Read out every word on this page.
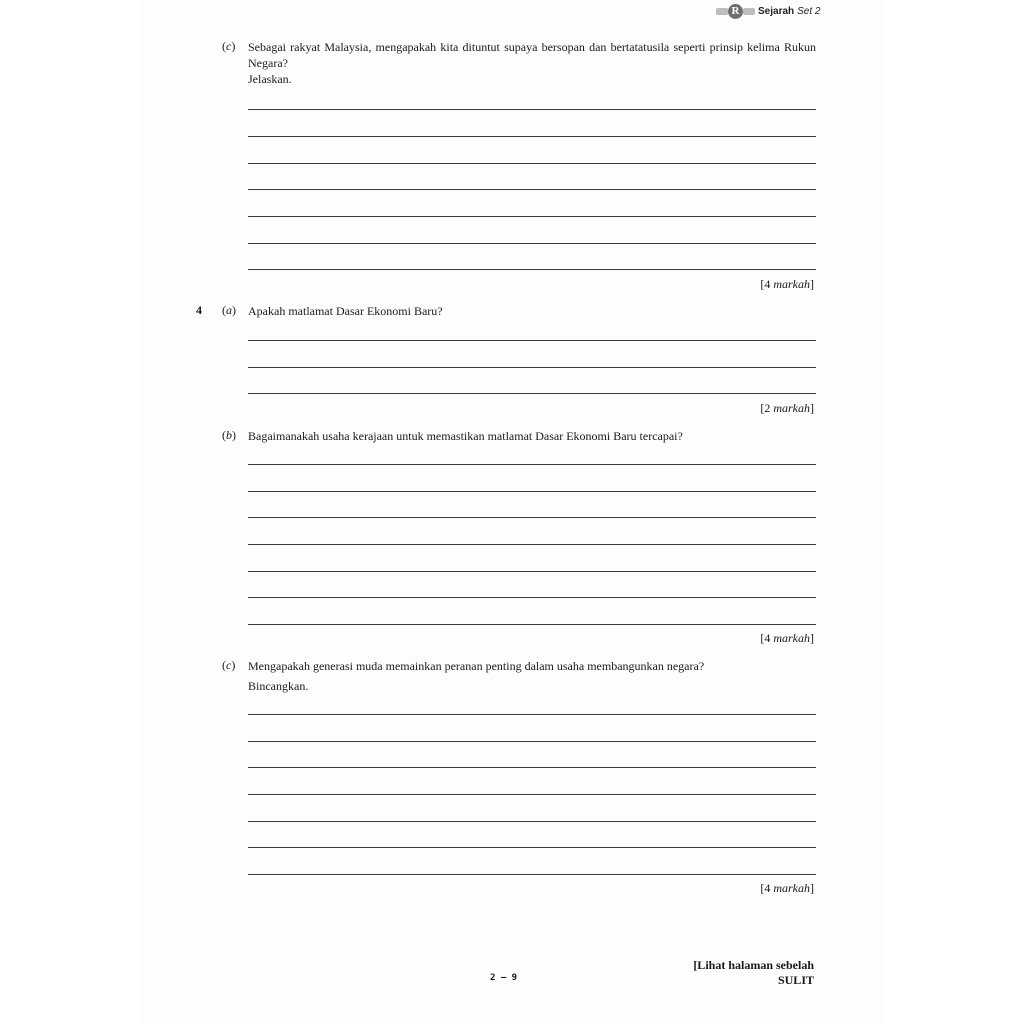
R	Sejarah Set 2
(c) Sebagai rakyat Malaysia, mengapakah kita dituntut supaya bersopan dan bertatatusila seperti prinsip kelima Rukun Negara?
Jelaskan.
[4 markah]
4 (a) Apakah matlamat Dasar Ekonomi Baru?
[2 markah]
(b) Bagaimanakah usaha kerajaan untuk memastikan matlamat Dasar Ekonomi Baru tercapai?
[4 markah]
(c) Mengapakah generasi muda memainkan peranan penting dalam usaha membangunkan negara?
Bincangkan.
[4 markah]
[Lihat halaman sebelah
2 – 9	SULIT
